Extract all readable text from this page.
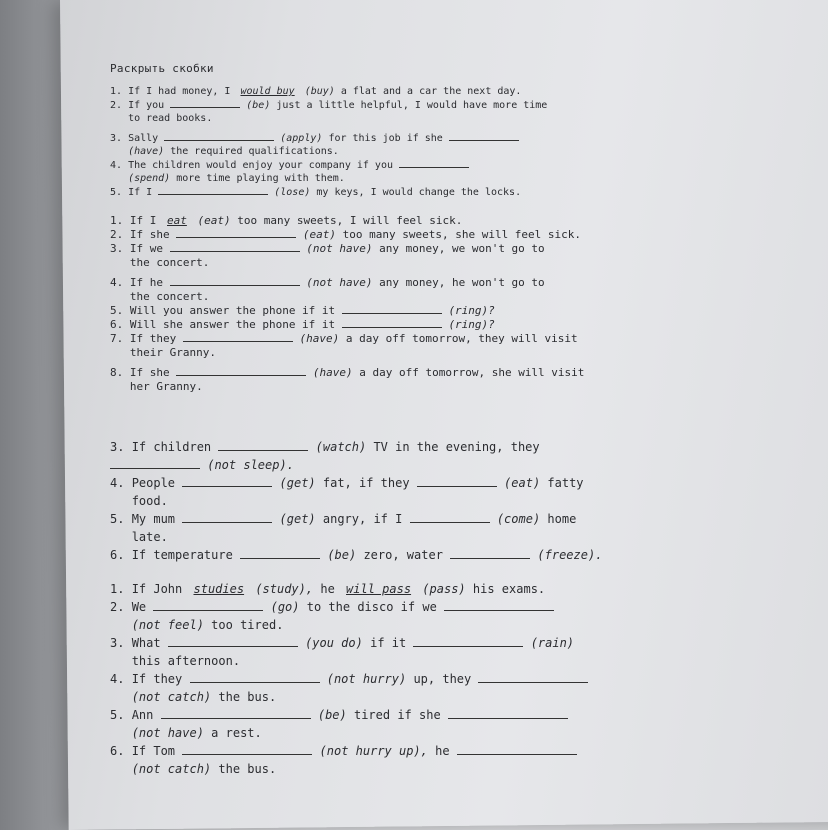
Раскрыть скобки

1. If I had money, I would buy (buy) a flat and a car the next day.

2. If you	(be) just a little helpful, I would have more time
to read books.

3. Sally	(apply) for this job if she
(have) the required qualifications.

4. The children would enjoy your company if you
(spend) more time playing with them.

5. If I	(lose) my keys, I would change the locks.

1. If I eat (eat) too many sweets, I will feel sick.

2. If she	(eat) too many sweets, she will feel sick.

3. If we	(not have) any money, we won't go to
the concert.

4. If he	(not have) any money, he won't go to
the concert.

5. Will you answer the phone if it	(ring)?

6. Will she answer the phone if it	(ring)?

7. If they	(have) a day off tomorrow, they will visit
their Granny.

8. If she	(have) a day off tomorrow, she will visit
her Granny.

3. If children	(watch) TV in the evening, they
(not sleep).

4. People	(get) fat, if they	(eat) fatty
food.

5. My mum	(get) angry, if I	(come) home
late.

6. If temperature	(be) zero, water	(freeze).

1. If John studies (study), he will pass (pass) his exams.

2. We	(go) to the disco if we
(not feel) too tired.

3. What	(you do) if it	(rain)
this afternoon.

4. If they	(not hurry) up, they
(not catch) the bus.

5. Ann	(be) tired if she
(not have) a rest.

6. If Tom	(not hurry up), he
(not catch) the bus.
